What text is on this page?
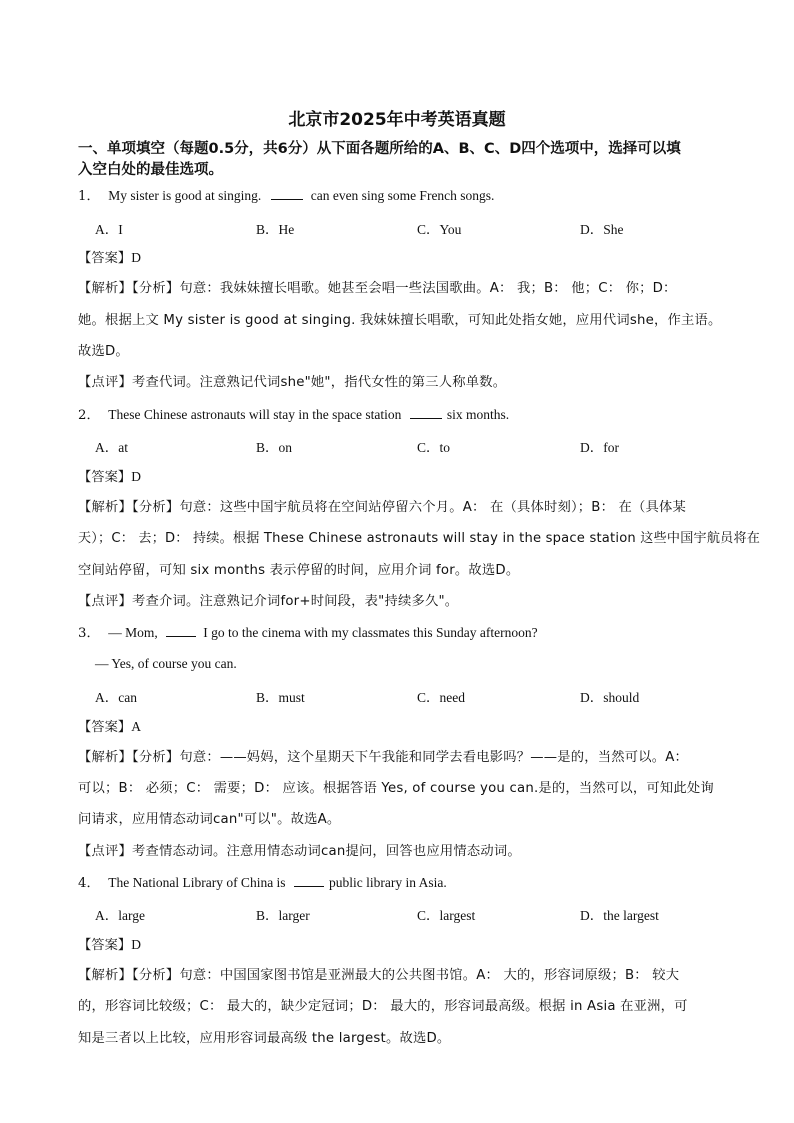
北京市2025年中考英语真题
一、单项填空（每题0.5分，共6分）从下面各题所给的A、B、C、D四个选项中，选择可以填
入空白处的最佳选项。
1． My sister is good at singing.	can even sing some French songs.
A．I	B．He	C．You	D．She
【答案】D
【解析】【分析】句意：我妹妹擅长唱歌。她甚至会唱一些法国歌曲。A： 我；B： 他；C： 你；D：
她。根据上文 My sister is good at singing. 我妹妹擅长唱歌，可知此处指女她，应用代词she，作主语。
故选D。
【点评】考查代词。注意熟记代词she"她"，指代女性的第三人称单数。
2． These Chinese astronauts will stay in the space station	six months.
A．at	B．on	C．to	D．for
【答案】D
【解析】【分析】句意：这些中国宇航员将在空间站停留六个月。A： 在（具体时刻）；B： 在（具体某
天）；C： 去；D： 持续。根据 These Chinese astronauts will stay in the space station 这些中国宇航员将在
空间站停留，可知 six months 表示停留的时间，应用介词 for。故选D。
【点评】考查介词。注意熟记介词for+时间段，表"持续多久"。
3． — Mom,	I go to the cinema with my classmates this Sunday afternoon?
— Yes, of course you can.
A．can	B．must	C．need	D．should
【答案】A
【解析】【分析】句意：——妈妈，这个星期天下午我能和同学去看电影吗？——是的，当然可以。A：
可以；B： 必须；C： 需要；D： 应该。根据答语 Yes, of course you can.是的，当然可以，可知此处询
问请求，应用情态动词can"可以"。故选A。
【点评】考查情态动词。注意用情态动词can提问，回答也应用情态动词。
4． The National Library of China is	public library in Asia.
A．large	B．larger	C．largest	D．the largest
【答案】D
【解析】【分析】句意：中国国家图书馆是亚洲最大的公共图书馆。A： 大的，形容词原级；B： 较大
的，形容词比较级；C： 最大的，缺少定冠词；D： 最大的，形容词最高级。根据 in Asia 在亚洲，可
知是三者以上比较，应用形容词最高级 the largest。故选D。
